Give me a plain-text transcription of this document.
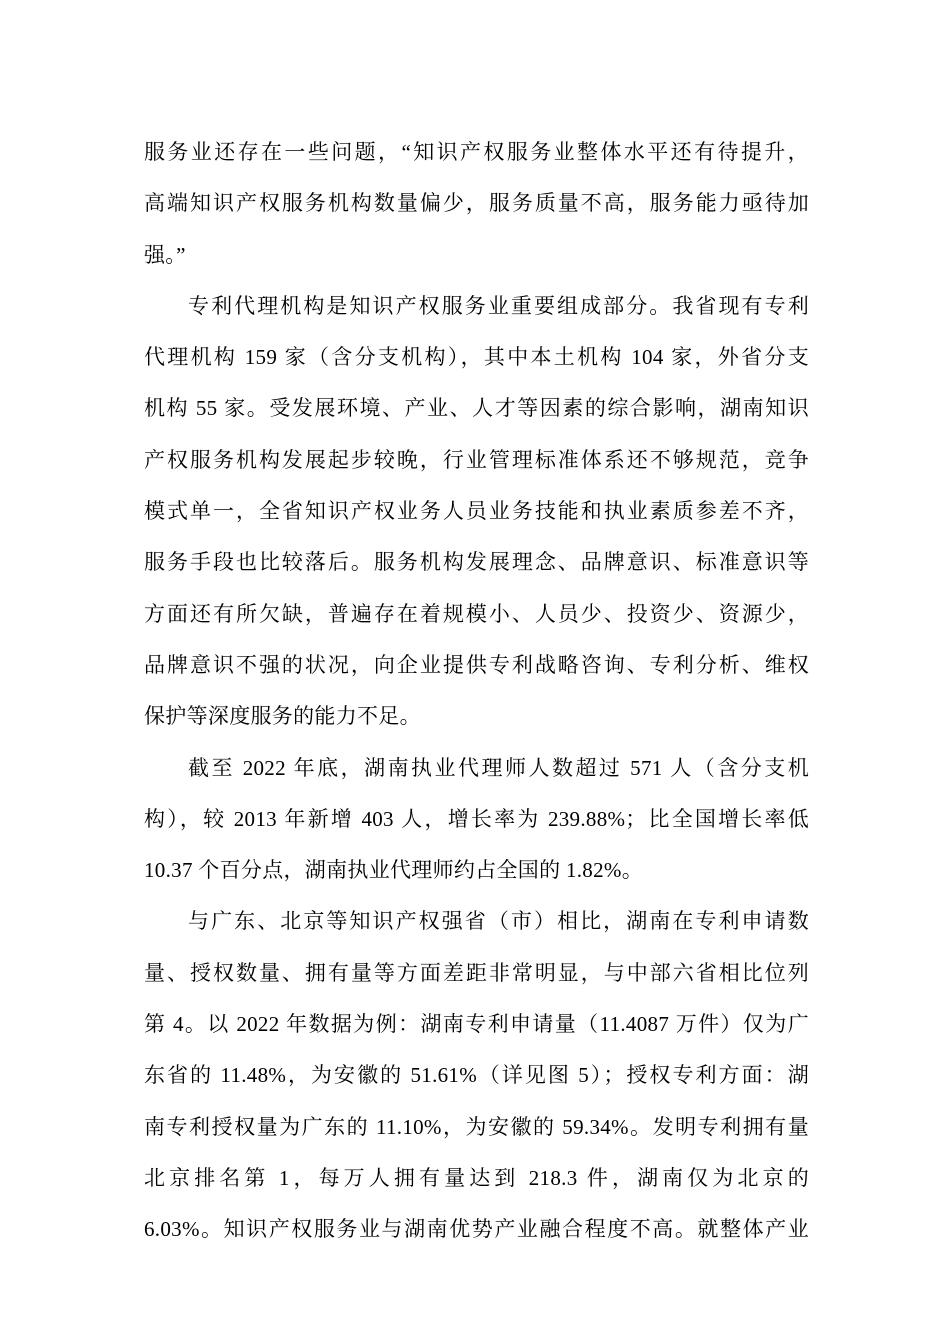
服务业还存在一些问题，“知识产权服务业整体水平还有待提升，
高端知识产权服务机构数量偏少，服务质量不高，服务能力亟待加
强。”
专利代理机构是知识产权服务业重要组成部分。我省现有专利
代理机构 159 家（含分支机构），其中本土机构 104 家，外省分支
机构 55 家。受发展环境、产业、人才等因素的综合影响，湖南知识
产权服务机构发展起步较晚，行业管理标准体系还不够规范，竞争
模式单一，全省知识产权业务人员业务技能和执业素质参差不齐，
服务手段也比较落后。服务机构发展理念、品牌意识、标准意识等
方面还有所欠缺，普遍存在着规模小、人员少、投资少、资源少，
品牌意识不强的状况，向企业提供专利战略咨询、专利分析、维权
保护等深度服务的能力不足。
截至 2022 年底，湖南执业代理师人数超过 571 人（含分支机
构），较 2013 年新增 403 人，增长率为 239.88%；比全国增长率低
10.37 个百分点，湖南执业代理师约占全国的 1.82%。
与广东、北京等知识产权强省（市）相比，湖南在专利申请数
量、授权数量、拥有量等方面差距非常明显，与中部六省相比位列
第 4。以 2022 年数据为例：湖南专利申请量（11.4087 万件）仅为广
东省的 11.48%，为安徽的 51.61%（详见图 5）；授权专利方面：湖
南专利授权量为广东的 11.10%，为安徽的 59.34%。发明专利拥有量
北京排名第 1，每万人拥有量达到 218.3 件，湖南仅为北京的
6.03%。知识产权服务业与湖南优势产业融合程度不高。就整体产业
